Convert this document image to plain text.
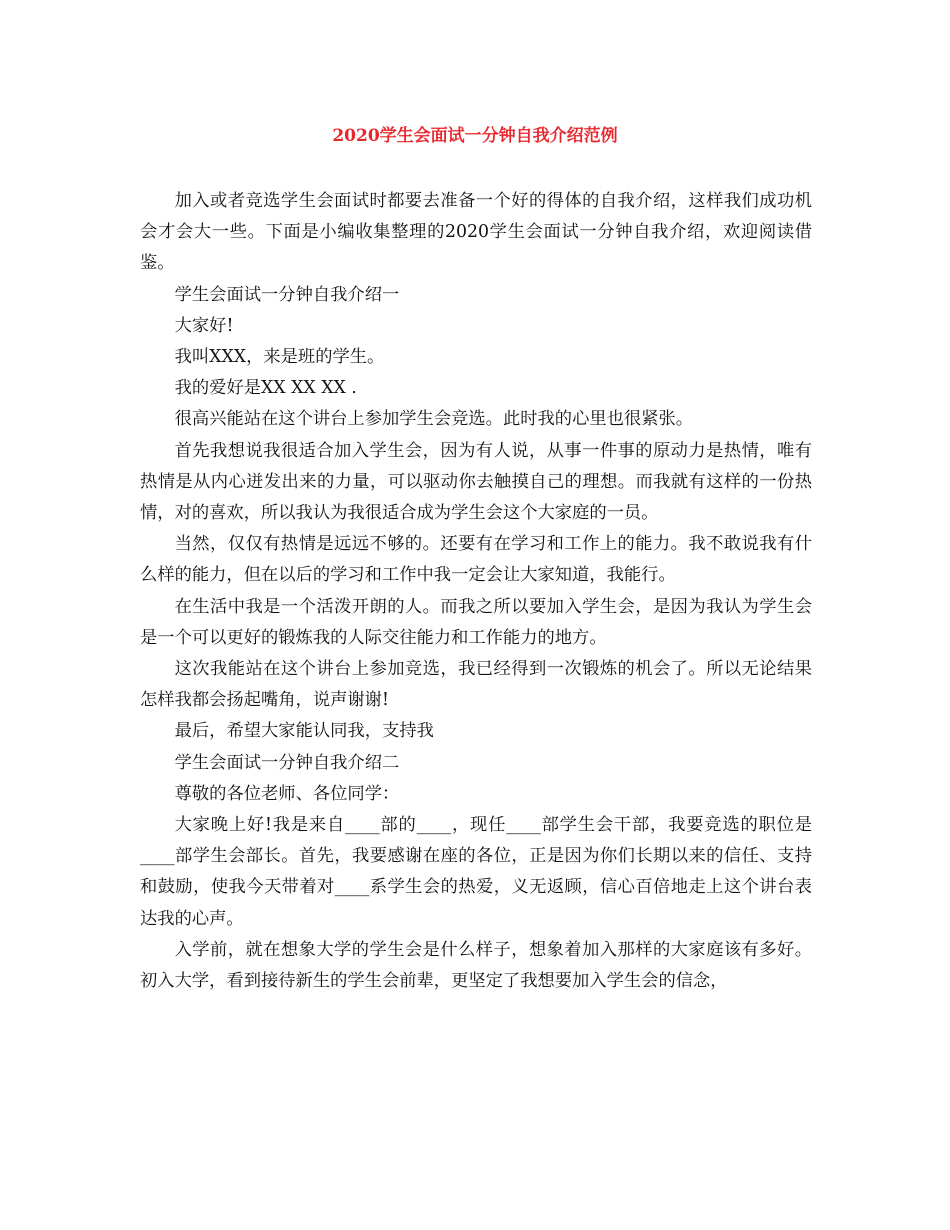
2020学生会面试一分钟自我介绍范例

加入或者竞选学生会面试时都要去准备一个好的得体的自我介绍，这样我们成功机会才会大一些。下面是小编收集整理的2020学生会面试一分钟自我介绍，欢迎阅读借鉴。

学生会面试一分钟自我介绍一

大家好!

我叫XXX，来是班的学生。

我的爱好是XX XX XX .

很高兴能站在这个讲台上参加学生会竞选。此时我的心里也很紧张。

首先我想说我很适合加入学生会，因为有人说，从事一件事的原动力是热情，唯有热情是从内心迸发出来的力量，可以驱动你去触摸自己的理想。而我就有这样的一份热情，对的喜欢，所以我认为我很适合成为学生会这个大家庭的一员。

当然，仅仅有热情是远远不够的。还要有在学习和工作上的能力。我不敢说我有什么样的能力，但在以后的学习和工作中我一定会让大家知道，我能行。

在生活中我是一个活泼开朗的人。而我之所以要加入学生会，是因为我认为学生会是一个可以更好的锻炼我的人际交往能力和工作能力的地方。

这次我能站在这个讲台上参加竞选，我已经得到一次锻炼的机会了。所以无论结果怎样我都会扬起嘴角，说声谢谢!

最后，希望大家能认同我，支持我

学生会面试一分钟自我介绍二

尊敬的各位老师、各位同学：

大家晚上好!我是来自____部的____，现任____部学生会干部，我要竞选的职位是____部学生会部长。首先，我要感谢在座的各位，正是因为你们长期以来的信任、支持和鼓励，使我今天带着对____系学生会的热爱，义无返顾，信心百倍地走上这个讲台表达我的心声。

入学前，就在想象大学的学生会是什么样子，想象着加入那样的大家庭该有多好。初入大学，看到接待新生的学生会前辈，更坚定了我想要加入学生会的信念，
